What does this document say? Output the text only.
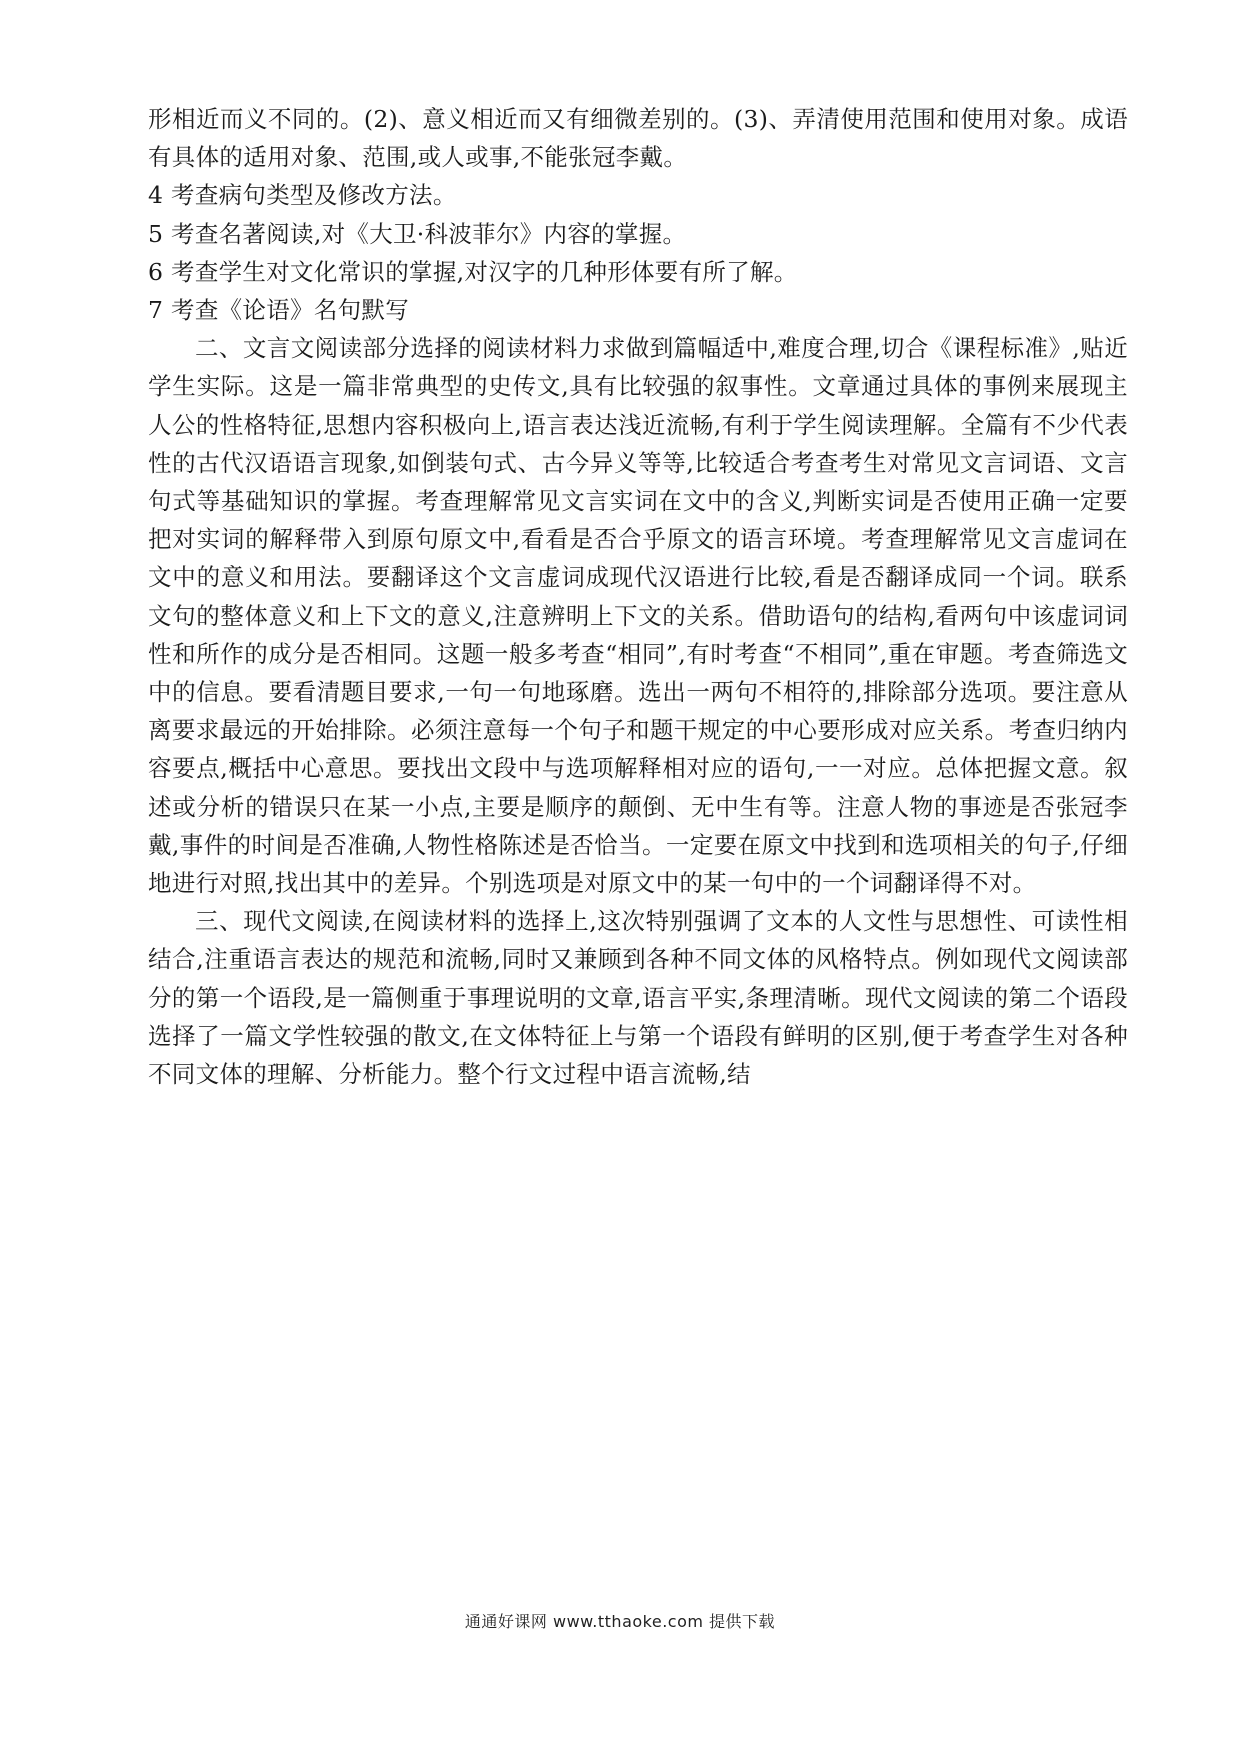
形相近而义不同的。(2)、意义相近而又有细微差别的。(3)、弄清使用范围和使用对象。成语有具体的适用对象、范围,或人或事,不能张冠李戴。

4 考查病句类型及修改方法。

5 考查名著阅读,对《大卫·科波菲尔》内容的掌握。

6 考查学生对文化常识的掌握,对汉字的几种形体要有所了解。

7 考查《论语》名句默写

二、文言文阅读部分选择的阅读材料力求做到篇幅适中,难度合理,切合《课程标准》,贴近学生实际。这是一篇非常典型的史传文,具有比较强的叙事性。文章通过具体的事例来展现主人公的性格特征,思想内容积极向上,语言表达浅近流畅,有利于学生阅读理解。全篇有不少代表性的古代汉语语言现象,如倒装句式、古今异义等等,比较适合考查考生对常见文言词语、文言句式等基础知识的掌握。考查理解常见文言实词在文中的含义,判断实词是否使用正确一定要把对实词的解释带入到原句原文中,看看是否合乎原文的语言环境。考查理解常见文言虚词在文中的意义和用法。要翻译这个文言虚词成现代汉语进行比较,看是否翻译成同一个词。联系文句的整体意义和上下文的意义,注意辨明上下文的关系。借助语句的结构,看两句中该虚词词性和所作的成分是否相同。这题一般多考查“相同”,有时考查“不相同”,重在审题。考查筛选文中的信息。要看清题目要求,一句一句地琢磨。选出一两句不相符的,排除部分选项。要注意从离要求最远的开始排除。必须注意每一个句子和题干规定的中心要形成对应关系。考查归纳内容要点,概括中心意思。要找出文段中与选项解释相对应的语句,一一对应。总体把握文意。叙述或分析的错误只在某一小点,主要是顺序的颠倒、无中生有等。注意人物的事迹是否张冠李戴,事件的时间是否准确,人物性格陈述是否恰当。一定要在原文中找到和选项相关的句子,仔细地进行对照,找出其中的差异。个别选项是对原文中的某一句中的一个词翻译得不对。

三、现代文阅读,在阅读材料的选择上,这次特别强调了文本的人文性与思想性、可读性相结合,注重语言表达的规范和流畅,同时又兼顾到各种不同文体的风格特点。例如现代文阅读部分的第一个语段,是一篇侧重于事理说明的文章,语言平实,条理清晰。现代文阅读的第二个语段选择了一篇文学性较强的散文,在文体特征上与第一个语段有鲜明的区别,便于考查学生对各种不同文体的理解、分析能力。整个行文过程中语言流畅,结

通通好课网 www.tthaoke.com 提供下载
